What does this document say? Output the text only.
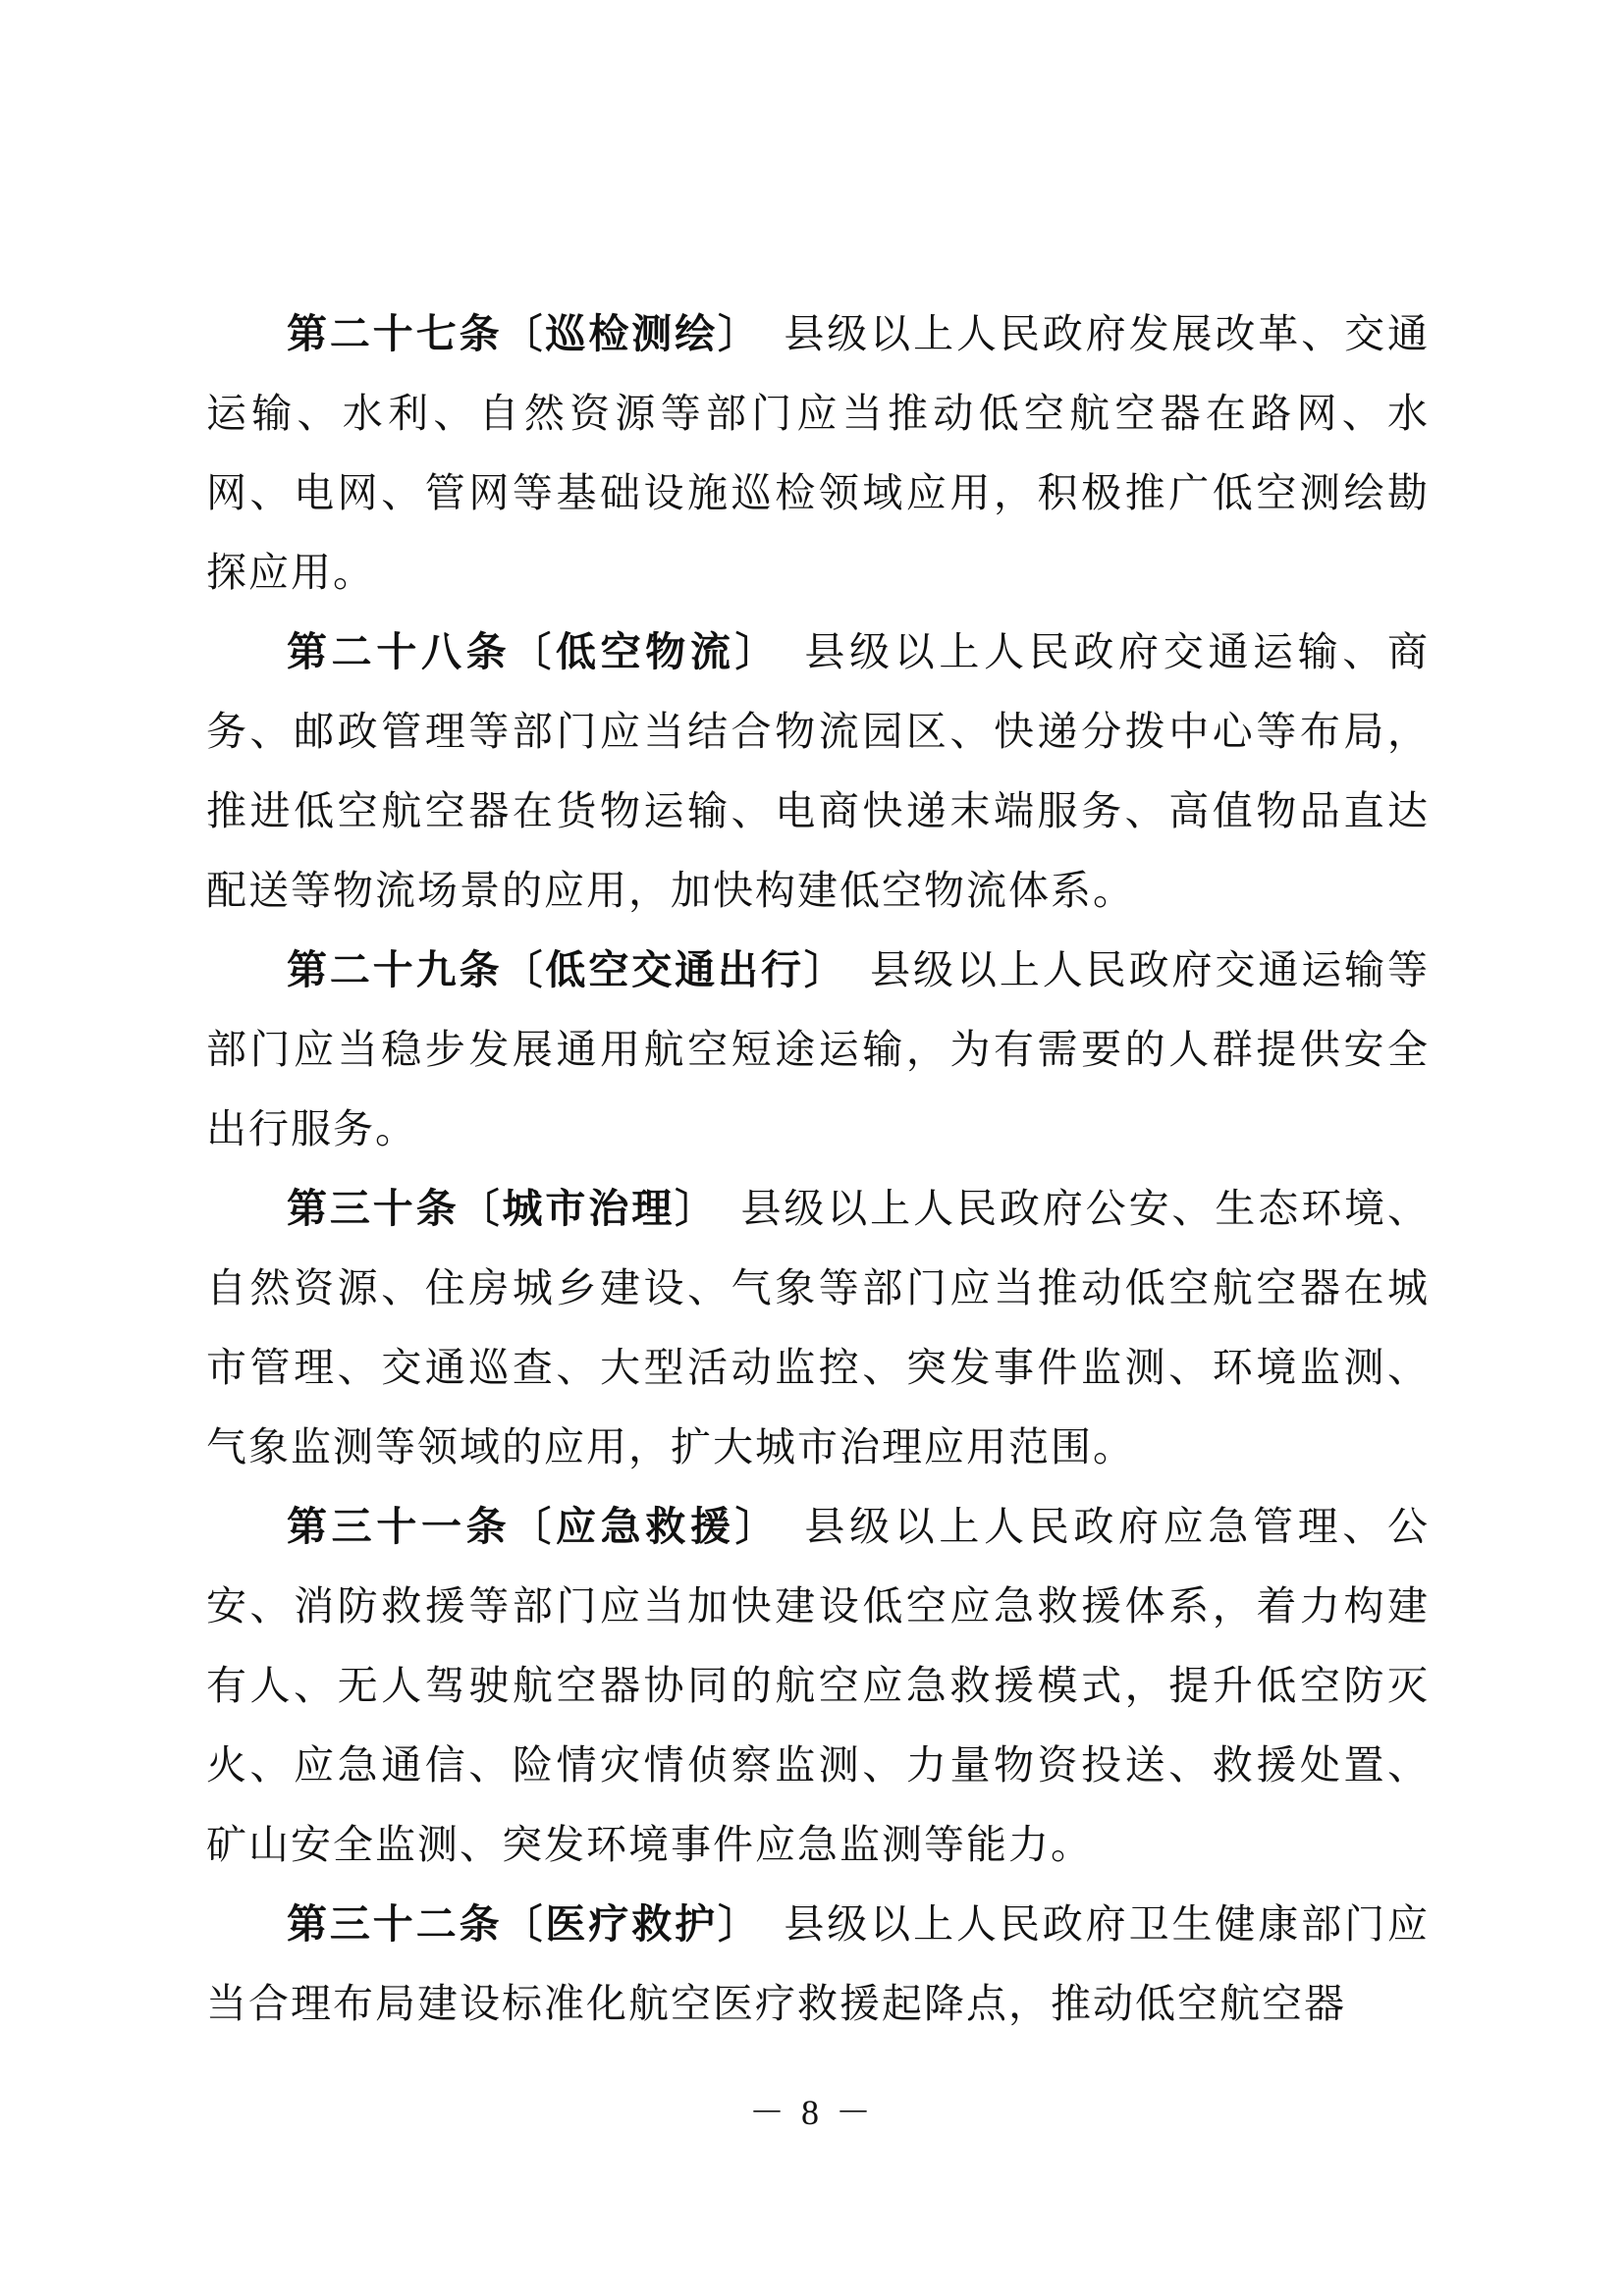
第二十七条〔巡检测绘〕　县级以上人民政府发展改革、交通运输、水利、自然资源等部门应当推动低空航空器在路网、水网、电网、管网等基础设施巡检领域应用，积极推广低空测绘勘探应用。

第二十八条〔低空物流〕　县级以上人民政府交通运输、商务、邮政管理等部门应当结合物流园区、快递分拨中心等布局，推进低空航空器在货物运输、电商快递末端服务、高值物品直达配送等物流场景的应用，加快构建低空物流体系。

第二十九条〔低空交通出行〕　县级以上人民政府交通运输等部门应当稳步发展通用航空短途运输，为有需要的人群提供安全出行服务。

第三十条〔城市治理〕　县级以上人民政府公安、生态环境、自然资源、住房城乡建设、气象等部门应当推动低空航空器在城市管理、交通巡查、大型活动监控、突发事件监测、环境监测、气象监测等领域的应用，扩大城市治理应用范围。

第三十一条〔应急救援〕　县级以上人民政府应急管理、公安、消防救援等部门应当加快建设低空应急救援体系，着力构建有人、无人驾驶航空器协同的航空应急救援模式，提升低空防灭火、应急通信、险情灾情侦察监测、力量物资投送、救援处置、矿山安全监测、突发环境事件应急监测等能力。

第三十二条〔医疗救护〕　县级以上人民政府卫生健康部门应当合理布局建设标准化航空医疗救援起降点，推动低空航空器

－ 8 －
